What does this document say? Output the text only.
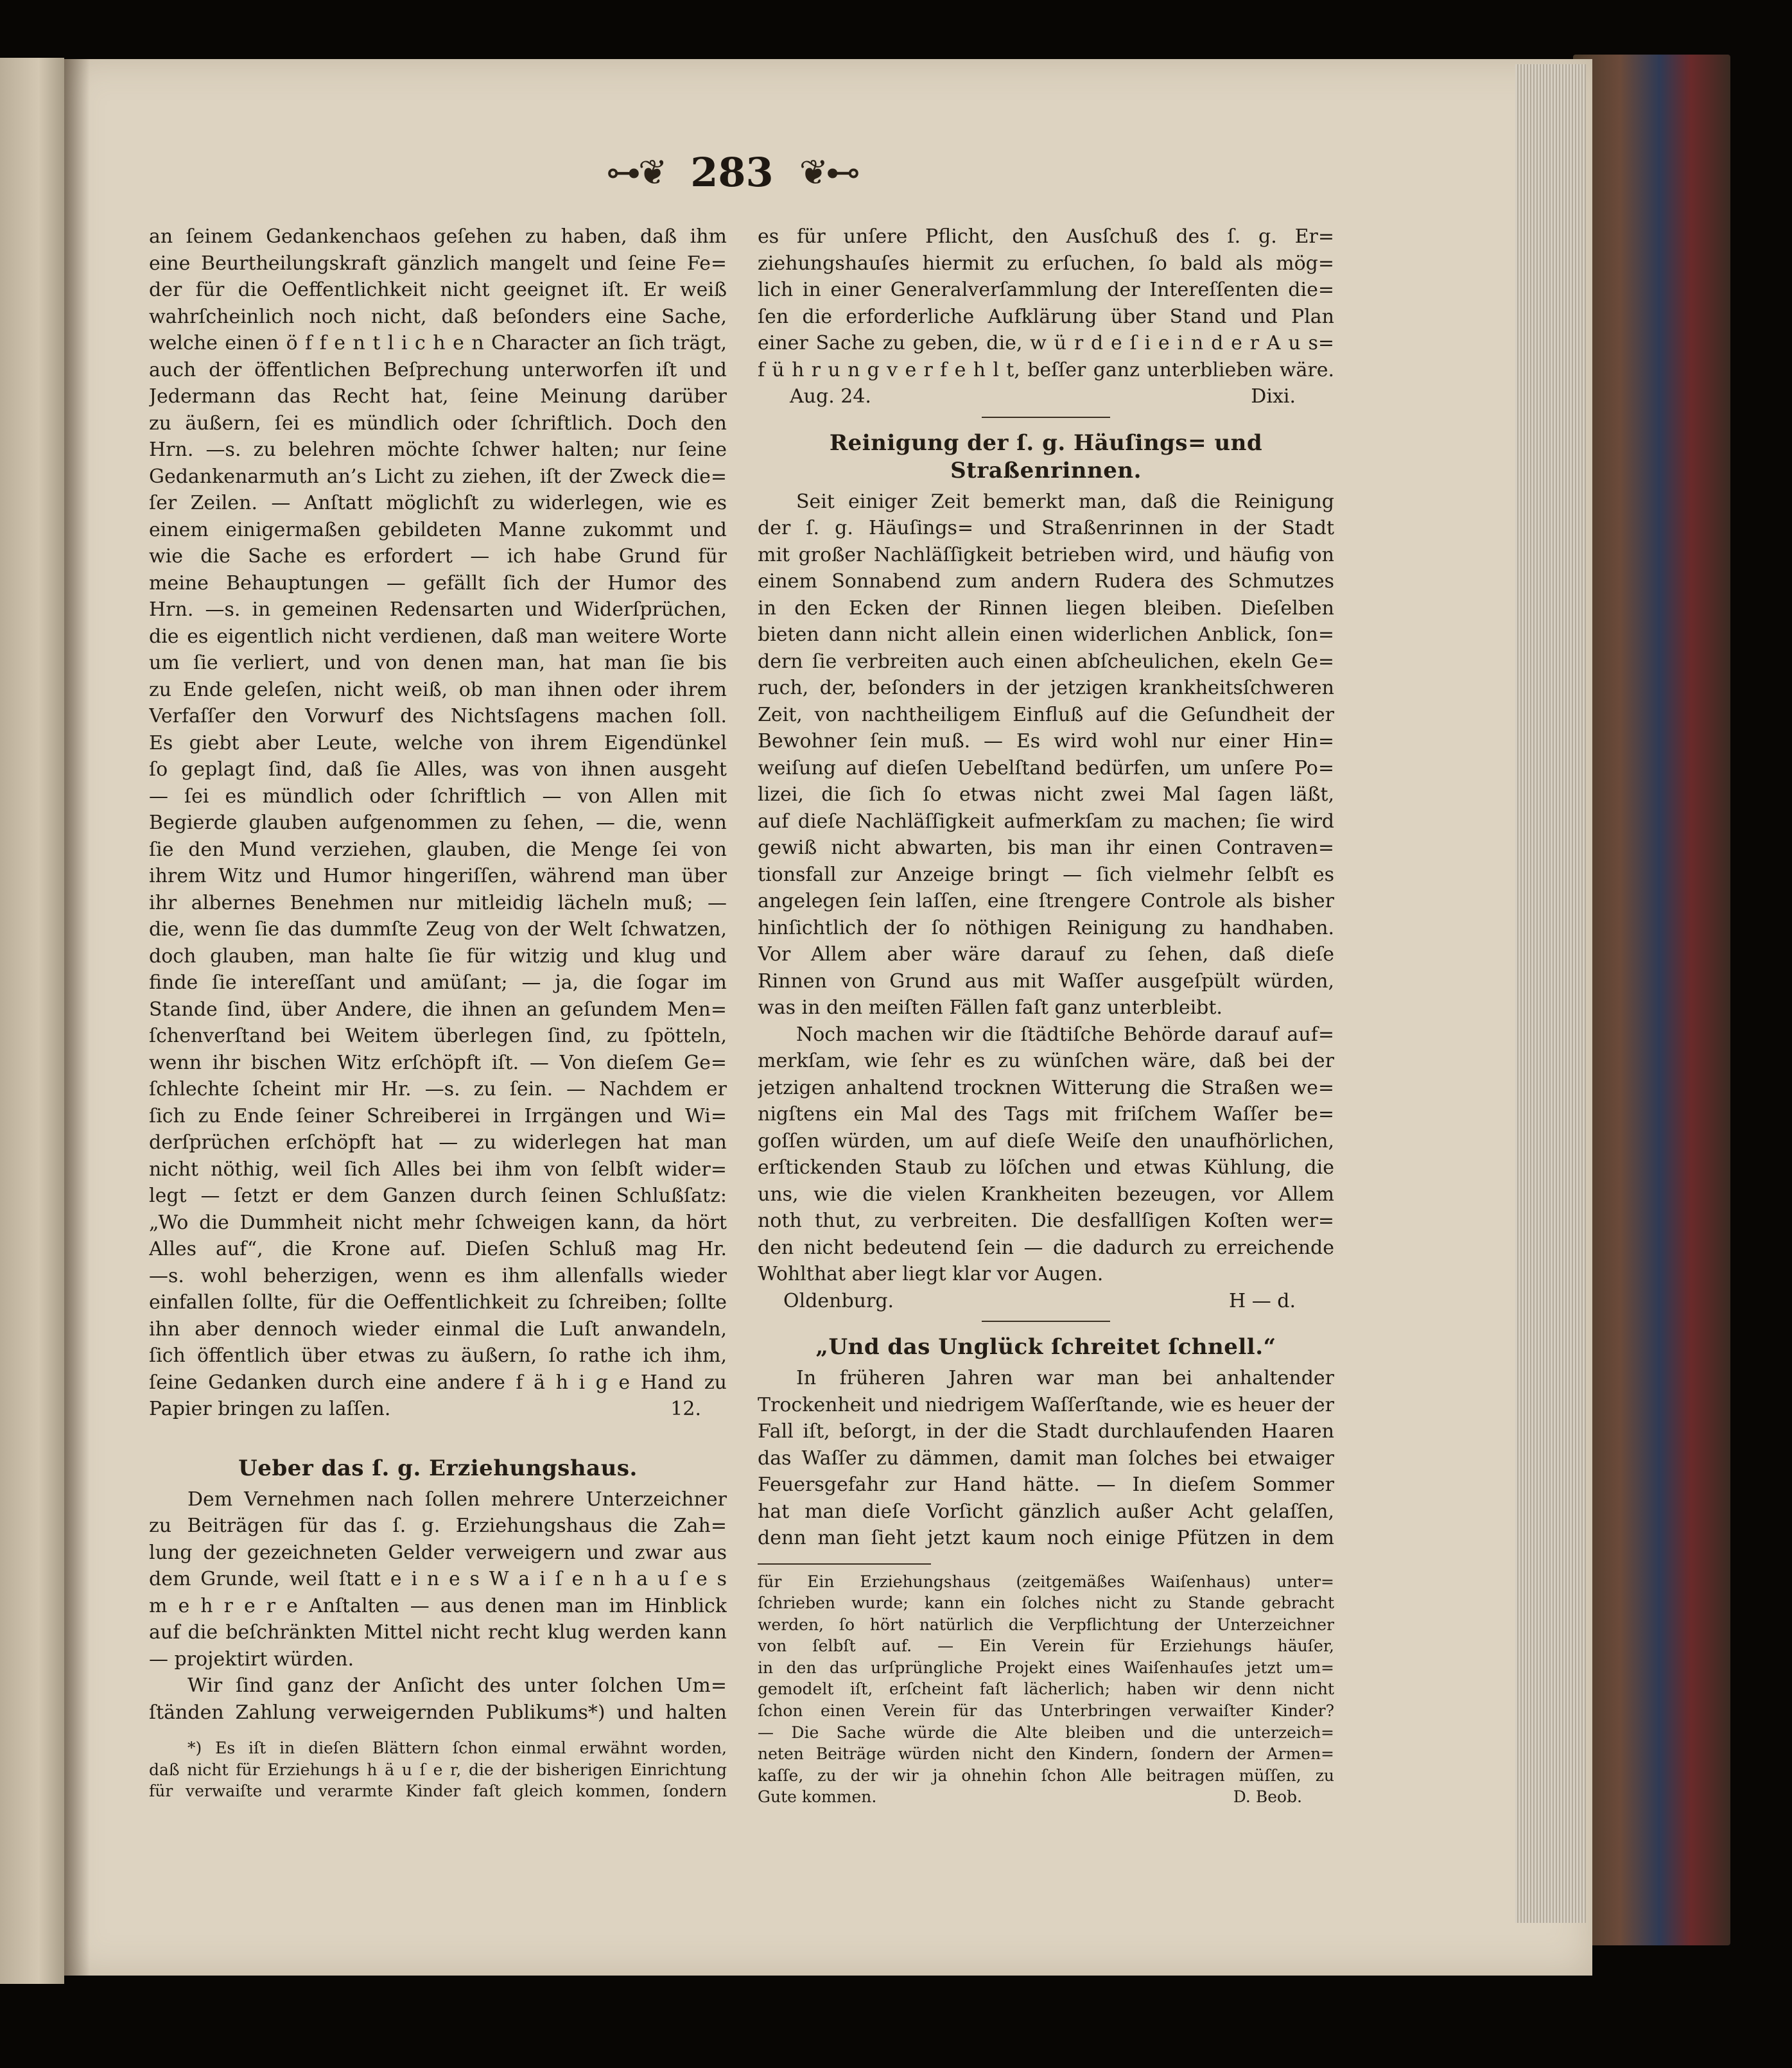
⊶❦ 283 ❦⊷
an ſeinem Gedankenchaos geſehen zu haben, daß ihm
eine Beurtheilungskraft gänzlich mangelt und ſeine Fe=
der für die Oeffentlichkeit nicht geeignet iſt. Er weiß
wahrſcheinlich noch nicht, daß beſonders eine Sache,
welche einen ö f f e n t l i c h e n Character an ſich trägt,
auch der öffentlichen Beſprechung unterworfen iſt und
Jedermann das Recht hat, ſeine Meinung darüber
zu äußern, ſei es mündlich oder ſchriftlich. Doch den
Hrn. —s. zu belehren möchte ſchwer halten; nur ſeine
Gedankenarmuth an’s Licht zu ziehen, iſt der Zweck die=
ſer Zeilen. — Anſtatt möglichſt zu widerlegen, wie es
einem einigermaßen gebildeten Manne zukommt und
wie die Sache es erfordert — ich habe Grund für
meine Behauptungen — gefällt ſich der Humor des
Hrn. —s. in gemeinen Redensarten und Widerſprüchen,
die es eigentlich nicht verdienen, daß man weitere Worte
um ſie verliert, und von denen man, hat man ſie bis
zu Ende geleſen, nicht weiß, ob man ihnen oder ihrem
Verfaſſer den Vorwurf des Nichtsſagens machen ſoll.
Es giebt aber Leute, welche von ihrem Eigendünkel
ſo geplagt ſind, daß ſie Alles, was von ihnen ausgeht
— ſei es mündlich oder ſchriftlich — von Allen mit
Begierde glauben aufgenommen zu ſehen, — die, wenn
ſie den Mund verziehen, glauben, die Menge ſei von
ihrem Witz und Humor hingeriſſen, während man über
ihr albernes Benehmen nur mitleidig lächeln muß; —
die, wenn ſie das dummſte Zeug von der Welt ſchwatzen,
doch glauben, man halte ſie für witzig und klug und
finde ſie intereſſant und amüſant; — ja, die ſogar im
Stande ſind, über Andere, die ihnen an geſundem Men=
ſchenverſtand bei Weitem überlegen ſind, zu ſpötteln,
wenn ihr bischen Witz erſchöpft iſt. — Von dieſem Ge=
ſchlechte ſcheint mir Hr. —s. zu ſein. — Nachdem er
ſich zu Ende ſeiner Schreiberei in Irrgängen und Wi=
derſprüchen erſchöpft hat — zu widerlegen hat man
nicht nöthig, weil ſich Alles bei ihm von ſelbſt wider=
legt — ſetzt er dem Ganzen durch ſeinen Schlußſatz:
„Wo die Dummheit nicht mehr ſchweigen kann, da hört
Alles auf“, die Krone auf. Dieſen Schluß mag Hr.
—s. wohl beherzigen, wenn es ihm allenfalls wieder
einfallen ſollte, für die Oeffentlichkeit zu ſchreiben; ſollte
ihn aber dennoch wieder einmal die Luſt anwandeln,
ſich öffentlich über etwas zu äußern, ſo rathe ich ihm,
ſeine Gedanken durch eine andere f ä h i g e Hand zu
Papier bringen zu laſſen.	12.
Ueber das ſ. g. Erziehungshaus.
Dem Vernehmen nach ſollen mehrere Unterzeichner
zu Beiträgen für das ſ. g. Erziehungshaus die Zah=
lung der gezeichneten Gelder verweigern und zwar aus
dem Grunde, weil ſtatt e i n e s W a i ſ e n h a u ſ e s
m e h r e r e Anſtalten — aus denen man im Hinblick
auf die beſchränkten Mittel nicht recht klug werden kann
— projektirt würden.
Wir ſind ganz der Anſicht des unter ſolchen Um=
ſtänden Zahlung verweigernden Publikums*) und halten
*) Es iſt in dieſen Blättern ſchon einmal erwähnt worden,
daß nicht für Erziehungs h ä u ſ e r, die der bisherigen Einrichtung
für verwaiſte und verarmte Kinder faſt gleich kommen, ſondern
es für unſere Pflicht, den Ausſchuß des ſ. g. Er=
ziehungshauſes hiermit zu erſuchen, ſo bald als mög=
lich in einer Generalverſammlung der Intereſſenten die=
ſen die erforderliche Aufklärung über Stand und Plan
einer Sache zu geben, die, w ü r d e ſ i e i n d e r A u s=
f ü h r u n g v e r f e h l t, beſſer ganz unterblieben wäre.
Aug. 24.	Dixi.
Reinigung der ſ. g. Häuſings= und
Straßenrinnen.
Seit einiger Zeit bemerkt man, daß die Reinigung
der ſ. g. Häuſings= und Straßenrinnen in der Stadt
mit großer Nachläſſigkeit betrieben wird, und häufig von
einem Sonnabend zum andern Rudera des Schmutzes
in den Ecken der Rinnen liegen bleiben. Dieſelben
bieten dann nicht allein einen widerlichen Anblick, ſon=
dern ſie verbreiten auch einen abſcheulichen, ekeln Ge=
ruch, der, beſonders in der jetzigen krankheitsſchweren
Zeit, von nachtheiligem Einfluß auf die Geſundheit der
Bewohner ſein muß. — Es wird wohl nur einer Hin=
weiſung auf dieſen Uebelſtand bedürfen, um unſere Po=
lizei, die ſich ſo etwas nicht zwei Mal ſagen läßt,
auf dieſe Nachläſſigkeit aufmerkſam zu machen; ſie wird
gewiß nicht abwarten, bis man ihr einen Contraven=
tionsfall zur Anzeige bringt — ſich vielmehr ſelbſt es
angelegen ſein laſſen, eine ſtrengere Controle als bisher
hinſichtlich der ſo nöthigen Reinigung zu handhaben.
Vor Allem aber wäre darauf zu ſehen, daß dieſe
Rinnen von Grund aus mit Waſſer ausgeſpült würden,
was in den meiſten Fällen faſt ganz unterbleibt.
Noch machen wir die ſtädtiſche Behörde darauf auf=
merkſam, wie ſehr es zu wünſchen wäre, daß bei der
jetzigen anhaltend trocknen Witterung die Straßen we=
nigſtens ein Mal des Tags mit friſchem Waſſer be=
goſſen würden, um auf dieſe Weiſe den unaufhörlichen,
erſtickenden Staub zu löſchen und etwas Kühlung, die
uns, wie die vielen Krankheiten bezeugen, vor Allem
noth thut, zu verbreiten. Die desfallſigen Koſten wer=
den nicht bedeutend ſein — die dadurch zu erreichende
Wohlthat aber liegt klar vor Augen.
Oldenburg.	H — d.
„Und das Unglück ſchreitet ſchnell.“
In früheren Jahren war man bei anhaltender
Trockenheit und niedrigem Waſſerſtande, wie es heuer der
Fall iſt, beſorgt, in der die Stadt durchlaufenden Haaren
das Waſſer zu dämmen, damit man ſolches bei etwaiger
Feuersgefahr zur Hand hätte. — In dieſem Sommer
hat man dieſe Vorſicht gänzlich außer Acht gelaſſen,
denn man ſieht jetzt kaum noch einige Pfützen in dem
für Ein Erziehungshaus (zeitgemäßes Waiſenhaus) unter=
ſchrieben wurde; kann ein ſolches nicht zu Stande gebracht
werden, ſo hört natürlich die Verpflichtung der Unterzeichner
von ſelbſt auf. — Ein Verein für Erziehungs häuſer,
in den das urſprüngliche Projekt eines Waiſenhauſes jetzt um=
gemodelt iſt, erſcheint faſt lächerlich; haben wir denn nicht
ſchon einen Verein für das Unterbringen verwaiſter Kinder?
— Die Sache würde die Alte bleiben und die unterzeich=
neten Beiträge würden nicht den Kindern, ſondern der Armen=
kaſſe, zu der wir ja ohnehin ſchon Alle beitragen müſſen, zu
Gute kommen.	D. Beob.
